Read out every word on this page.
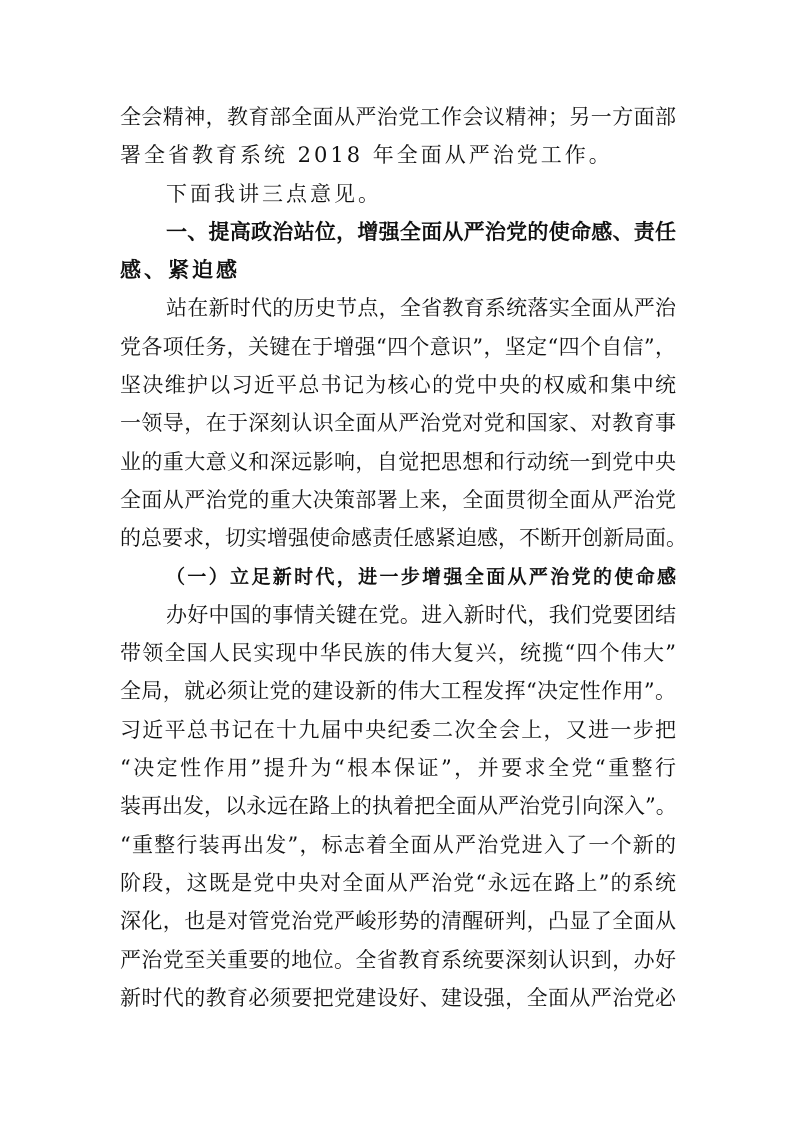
全会精神，教育部全面从严治党工作会议精神；另一方面部
署全省教育系统 2018 年全面从严治党工作。
下面我讲三点意见。
一、提高政治站位，增强全面从严治党的使命感、责任
感、紧迫感
站在新时代的历史节点，全省教育系统落实全面从严治
党各项任务，关键在于增强“四个意识”，坚定“四个自信”，
坚决维护以习近平总书记为核心的党中央的权威和集中统
一领导，在于深刻认识全面从严治党对党和国家、对教育事
业的重大意义和深远影响，自觉把思想和行动统一到党中央
全面从严治党的重大决策部署上来，全面贯彻全面从严治党
的总要求，切实增强使命感责任感紧迫感，不断开创新局面。
（一）立足新时代，进一步增强全面从严治党的使命感
办好中国的事情关键在党。进入新时代，我们党要团结
带领全国人民实现中华民族的伟大复兴，统揽“四个伟大”
全局，就必须让党的建设新的伟大工程发挥“决定性作用”。
习近平总书记在十九届中央纪委二次全会上，又进一步把
“决定性作用”提升为“根本保证”，并要求全党“重整行
装再出发，以永远在路上的执着把全面从严治党引向深入”。
“重整行装再出发”，标志着全面从严治党进入了一个新的
阶段，这既是党中央对全面从严治党“永远在路上”的系统
深化，也是对管党治党严峻形势的清醒研判，凸显了全面从
严治党至关重要的地位。全省教育系统要深刻认识到，办好
新时代的教育必须要把党建设好、建设强，全面从严治党必
